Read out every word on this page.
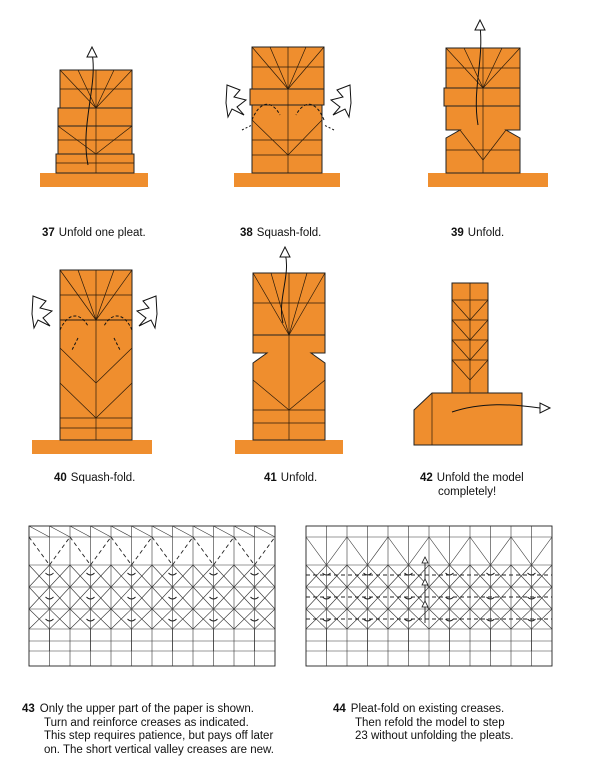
37 Unfold one pleat.	38 Squash-fold.	39 Unfold.
40 Squash-fold.	41 Unfold.	42 Unfold the model
completely!
43 Only the upper part of the paper is shown.
Turn and reinforce creases as indicated.
This step requires patience, but pays off later
on. The short vertical valley creases are new.
44 Pleat-fold on existing creases.
Then refold the model to step
23 without unfolding the pleats.
